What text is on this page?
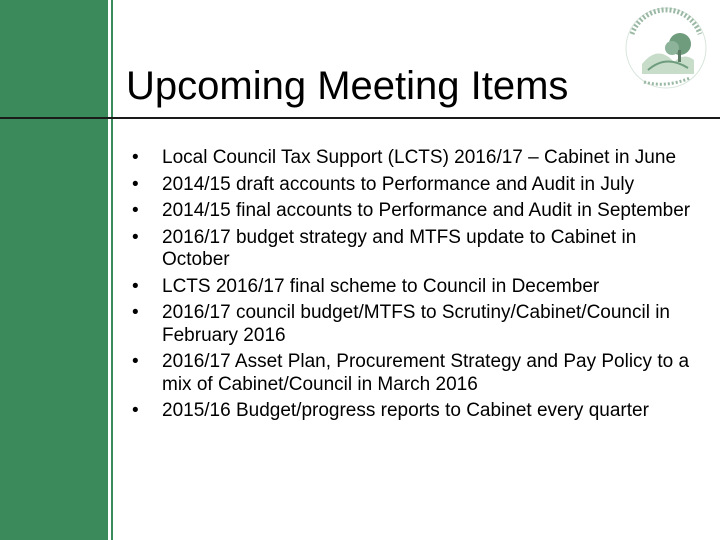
Upcoming Meeting Items
• Local Council Tax Support (LCTS) 2016/17 – Cabinet in June
• 2014/15 draft accounts to Performance and Audit in July
• 2014/15 final accounts to Performance and Audit in September
• 2016/17 budget strategy and MTFS update to Cabinet in October
• LCTS 2016/17 final scheme to Council in December
• 2016/17 council budget/MTFS to Scrutiny/Cabinet/Council in February 2016
• 2016/17 Asset Plan, Procurement Strategy and Pay Policy to a mix of Cabinet/Council in March 2016
• 2015/16 Budget/progress reports to Cabinet every quarter
